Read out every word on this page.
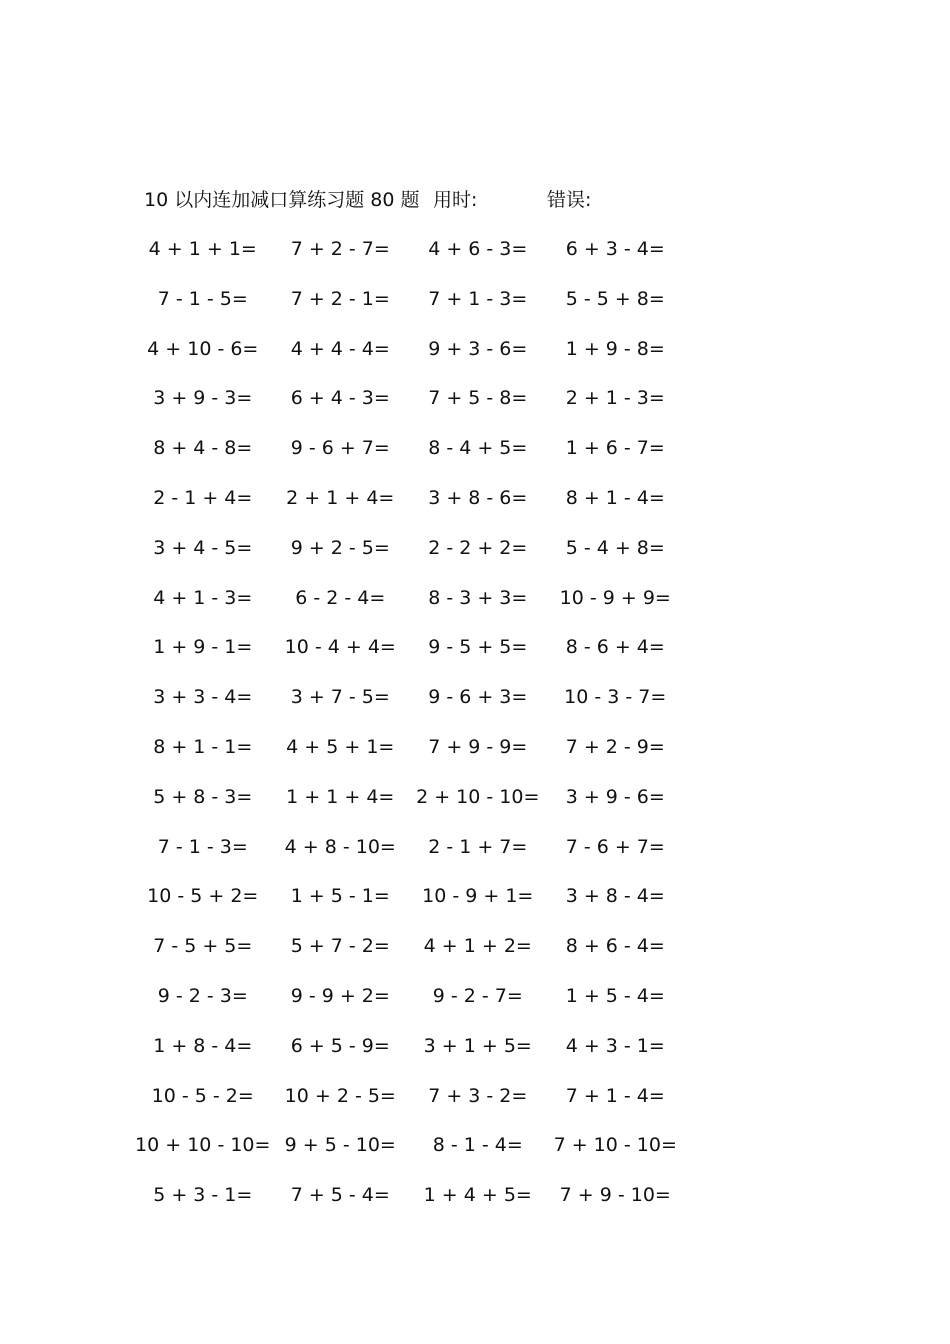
10 以内连加减口算练习题 80 题 用时:	错误:
4 + 1 + 1=	7 + 2 - 7=	4 + 6 - 3=	6 + 3 - 4=
7 - 1 - 5=	7 + 2 - 1=	7 + 1 - 3=	5 - 5 + 8=
4 + 10 - 6=	4 + 4 - 4=	9 + 3 - 6=	1 + 9 - 8=
3 + 9 - 3=	6 + 4 - 3=	7 + 5 - 8=	2 + 1 - 3=
8 + 4 - 8=	9 - 6 + 7=	8 - 4 + 5=	1 + 6 - 7=
2 - 1 + 4=	2 + 1 + 4=	3 + 8 - 6=	8 + 1 - 4=
3 + 4 - 5=	9 + 2 - 5=	2 - 2 + 2=	5 - 4 + 8=
4 + 1 - 3=	6 - 2 - 4=	8 - 3 + 3=	10 - 9 + 9=
1 + 9 - 1=	10 - 4 + 4=	9 - 5 + 5=	8 - 6 + 4=
3 + 3 - 4=	3 + 7 - 5=	9 - 6 + 3=	10 - 3 - 7=
8 + 1 - 1=	4 + 5 + 1=	7 + 9 - 9=	7 + 2 - 9=
5 + 8 - 3=	1 + 1 + 4=	2 + 10 - 10=	3 + 9 - 6=
7 - 1 - 3=	4 + 8 - 10=	2 - 1 + 7=	7 - 6 + 7=
10 - 5 + 2=	1 + 5 - 1=	10 - 9 + 1=	3 + 8 - 4=
7 - 5 + 5=	5 + 7 - 2=	4 + 1 + 2=	8 + 6 - 4=
9 - 2 - 3=	9 - 9 + 2=	9 - 2 - 7=	1 + 5 - 4=
1 + 8 - 4=	6 + 5 - 9=	3 + 1 + 5=	4 + 3 - 1=
10 - 5 - 2=	10 + 2 - 5=	7 + 3 - 2=	7 + 1 - 4=
10 + 10 - 10= 9 + 5 - 10=	8 - 1 - 4=	7 + 10 - 10=
5 + 3 - 1=	7 + 5 - 4=	1 + 4 + 5=	7 + 9 - 10=
